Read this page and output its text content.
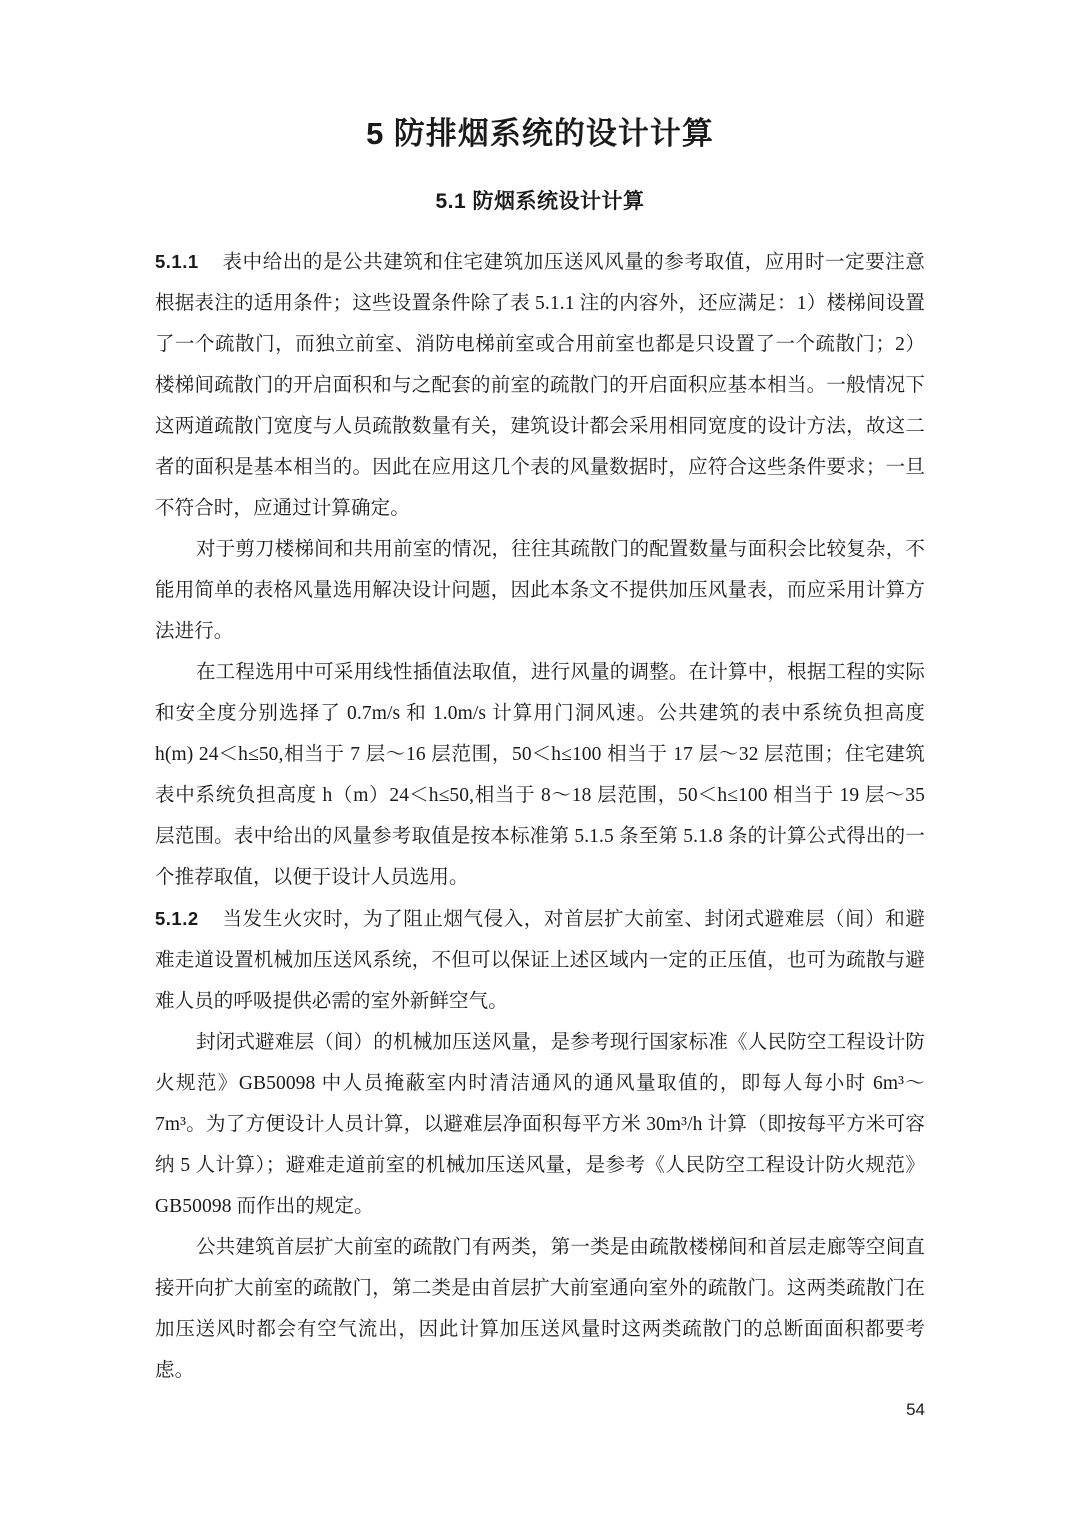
5 防排烟系统的设计计算
5.1 防烟系统设计计算

5.1.1 表中给出的是公共建筑和住宅建筑加压送风风量的参考取值，应用时一定要注意根据表注的适用条件；这些设置条件除了表 5.1.1 注的内容外，还应满足：1）楼梯间设置了一个疏散门，而独立前室、消防电梯前室或合用前室也都是只设置了一个疏散门；2）楼梯间疏散门的开启面积和与之配套的前室的疏散门的开启面积应基本相当。一般情况下这两道疏散门宽度与人员疏散数量有关，建筑设计都会采用相同宽度的设计方法，故这二者的面积是基本相当的。因此在应用这几个表的风量数据时，应符合这些条件要求；一旦不符合时，应通过计算确定。

对于剪刀楼梯间和共用前室的情况，往往其疏散门的配置数量与面积会比较复杂，不能用简单的表格风量选用解决设计问题，因此本条文不提供加压风量表，而应采用计算方法进行。

在工程选用中可采用线性插值法取值，进行风量的调整。在计算中，根据工程的实际和安全度分别选择了 0.7m/s 和 1.0m/s 计算用门洞风速。公共建筑的表中系统负担高度h(m) 24＜h≤50,相当于 7 层～16 层范围，50＜h≤100 相当于 17 层～32 层范围；住宅建筑表中系统负担高度 h（m）24＜h≤50,相当于 8～18 层范围，50＜h≤100 相当于 19 层～35 层范围。表中给出的风量参考取值是按本标准第 5.1.5 条至第 5.1.8 条的计算公式得出的一个推荐取值，以便于设计人员选用。

5.1.2 当发生火灾时，为了阻止烟气侵入，对首层扩大前室、封闭式避难层（间）和避难走道设置机械加压送风系统，不但可以保证上述区域内一定的正压值，也可为疏散与避难人员的呼吸提供必需的室外新鲜空气。

封闭式避难层（间）的机械加压送风量，是参考现行国家标准《人民防空工程设计防火规范》GB50098 中人员掩蔽室内时清洁通风的通风量取值的，即每人每小时 6m³～7m³。为了方便设计人员计算，以避难层净面积每平方米 30m³/h 计算（即按每平方米可容纳 5 人计算）；避难走道前室的机械加压送风量，是参考《人民防空工程设计防火规范》GB50098 而作出的规定。

公共建筑首层扩大前室的疏散门有两类，第一类是由疏散楼梯间和首层走廊等空间直接开向扩大前室的疏散门，第二类是由首层扩大前室通向室外的疏散门。这两类疏散门在加压送风时都会有空气流出，因此计算加压送风量时这两类疏散门的总断面面积都要考虑。

54
